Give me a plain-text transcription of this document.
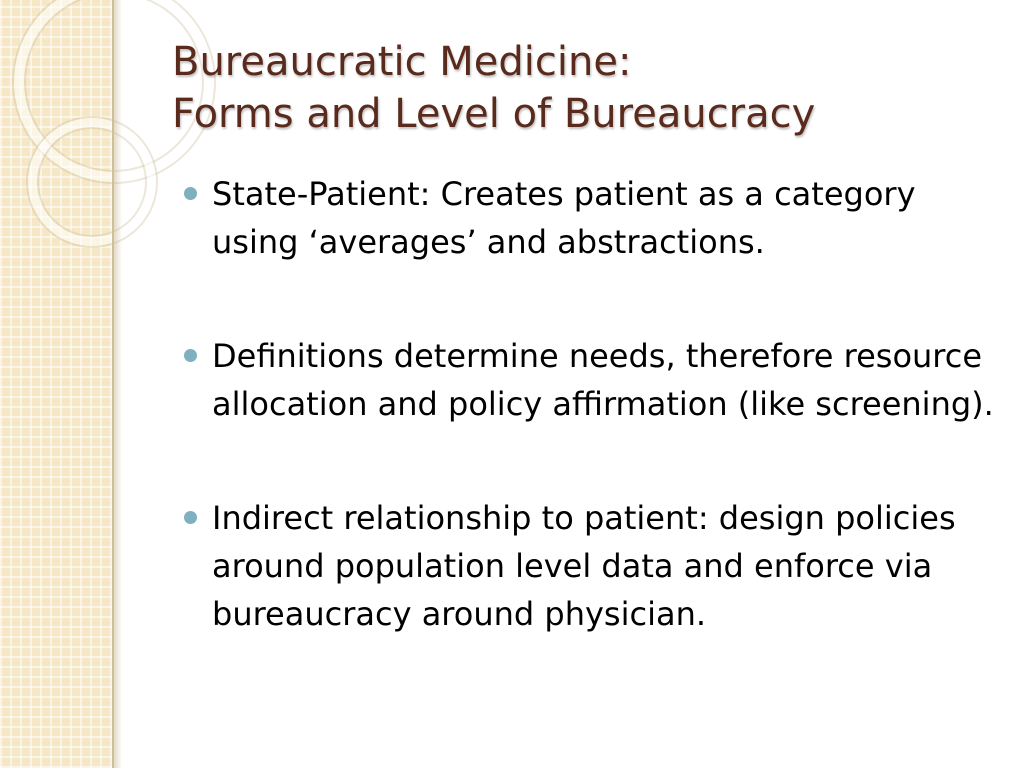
Bureaucratic Medicine:
Forms and Level of Bureaucracy
State-Patient: Creates patient as a category using ‘averages’ and abstractions.
Definitions determine needs, therefore resource allocation and policy affirmation (like screening).
Indirect relationship to patient: design policies around population level data and enforce via bureaucracy around physician.
